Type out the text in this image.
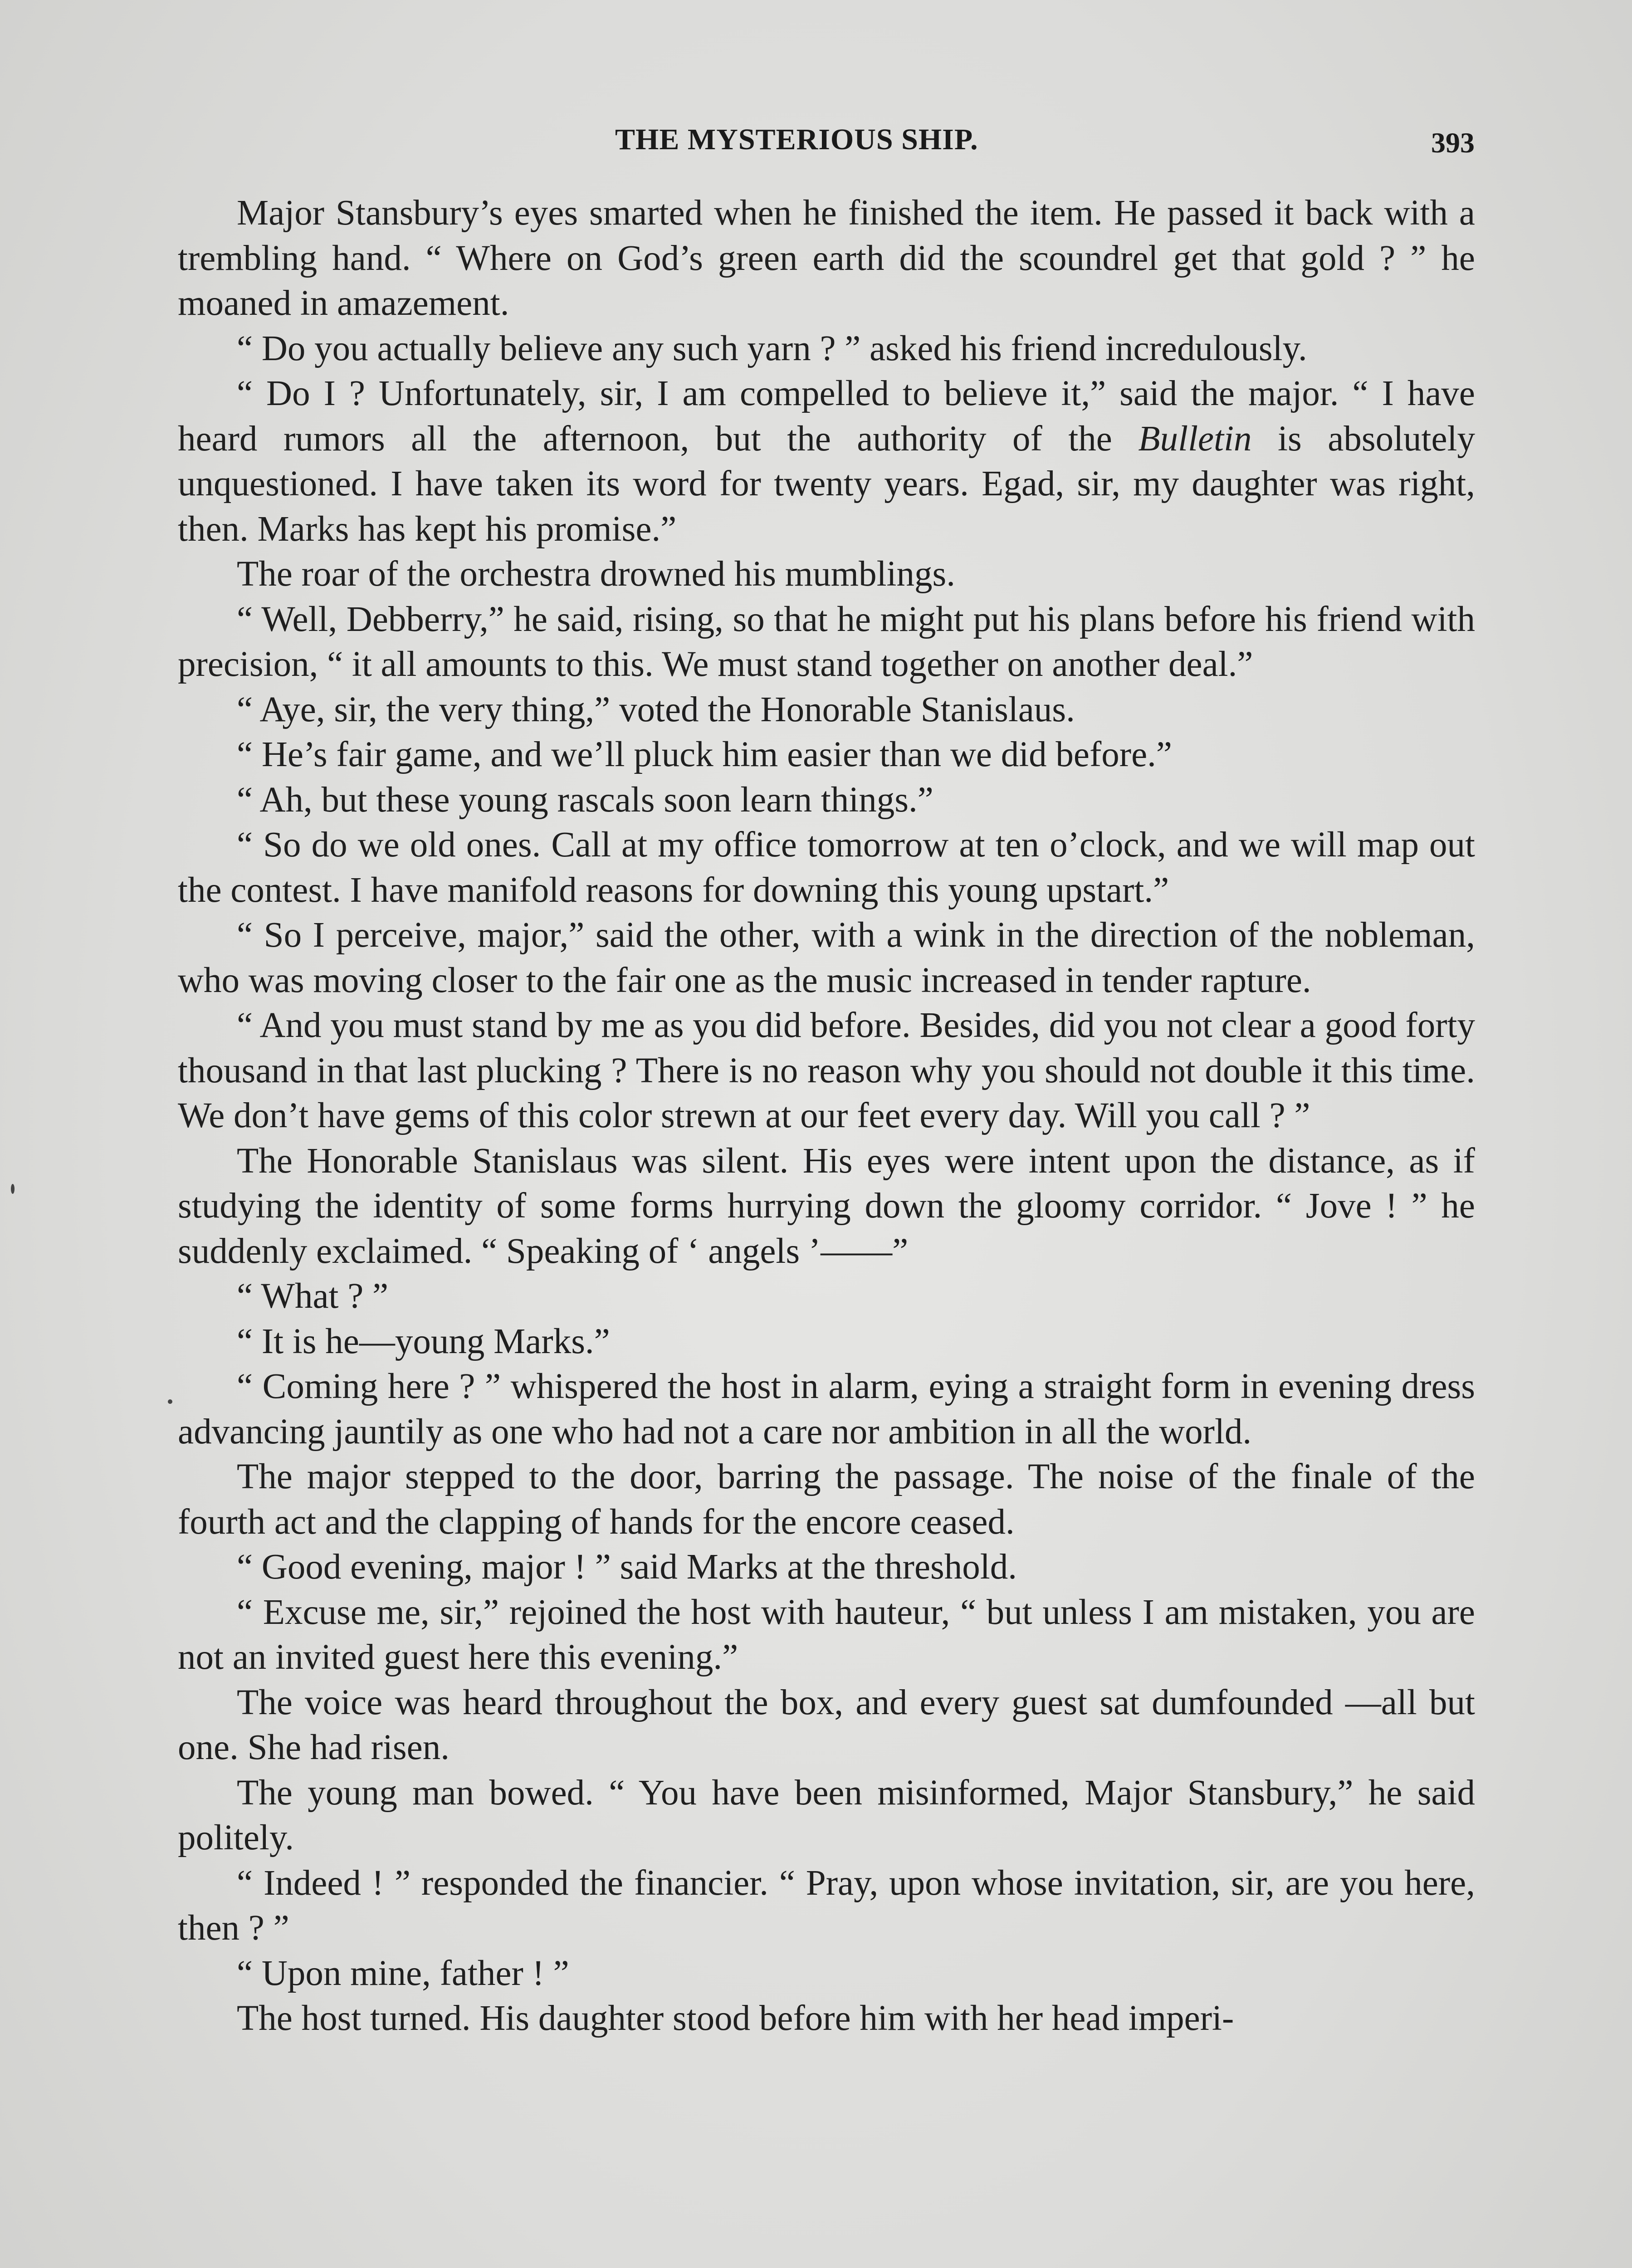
THE MYSTERIOUS SHIP.	393

Major Stansbury’s eyes smarted when he finished the item. He passed it back with a trembling hand. “ Where on God’s green earth did the scoundrel get that gold ? ” he moaned in amazement.

“ Do you actually believe any such yarn ? ” asked his friend incredulously.

“ Do I ? Unfortunately, sir, I am compelled to believe it,” said the major. “ I have heard rumors all the afternoon, but the authority of the Bulletin is absolutely unquestioned. I have taken its word for twenty years. Egad, sir, my daughter was right, then. Marks has kept his promise.”

The roar of the orchestra drowned his mumblings.

“ Well, Debberry,” he said, rising, so that he might put his plans before his friend with precision, “ it all amounts to this. We must stand together on another deal.”

“ Aye, sir, the very thing,” voted the Honorable Stanislaus.

“ He’s fair game, and we’ll pluck him easier than we did before.”

“ Ah, but these young rascals soon learn things.”

“ So do we old ones. Call at my office tomorrow at ten o’clock, and we will map out the contest. I have manifold reasons for downing this young upstart.”

“ So I perceive, major,” said the other, with a wink in the direction of the nobleman, who was moving closer to the fair one as the music increased in tender rapture.

“ And you must stand by me as you did before. Besides, did you not clear a good forty thousand in that last plucking ? There is no reason why you should not double it this time. We don’t have gems of this color strewn at our feet every day. Will you call ? ”

The Honorable Stanislaus was silent. His eyes were intent upon the distance, as if studying the identity of some forms hurrying down the gloomy corridor. “ Jove ! ” he suddenly exclaimed. “ Speaking of ‘ angels ’——”

“ What ? ”

“ It is he—young Marks.”

“ Coming here ? ” whispered the host in alarm, eying a straight form in evening dress advancing jauntily as one who had not a care nor ambition in all the world.

The major stepped to the door, barring the passage. The noise of the finale of the fourth act and the clapping of hands for the encore ceased.

“ Good evening, major ! ” said Marks at the threshold.

“ Excuse me, sir,” rejoined the host with hauteur, “ but unless I am mistaken, you are not an invited guest here this evening.”

The voice was heard throughout the box, and every guest sat dumfounded —all but one. She had risen.

The young man bowed. “ You have been misinformed, Major Stansbury,” he said politely.

“ Indeed ! ” responded the financier. “ Pray, upon whose invitation, sir, are you here, then ? ”

“ Upon mine, father ! ”

The host turned. His daughter stood before him with her head imperi-
